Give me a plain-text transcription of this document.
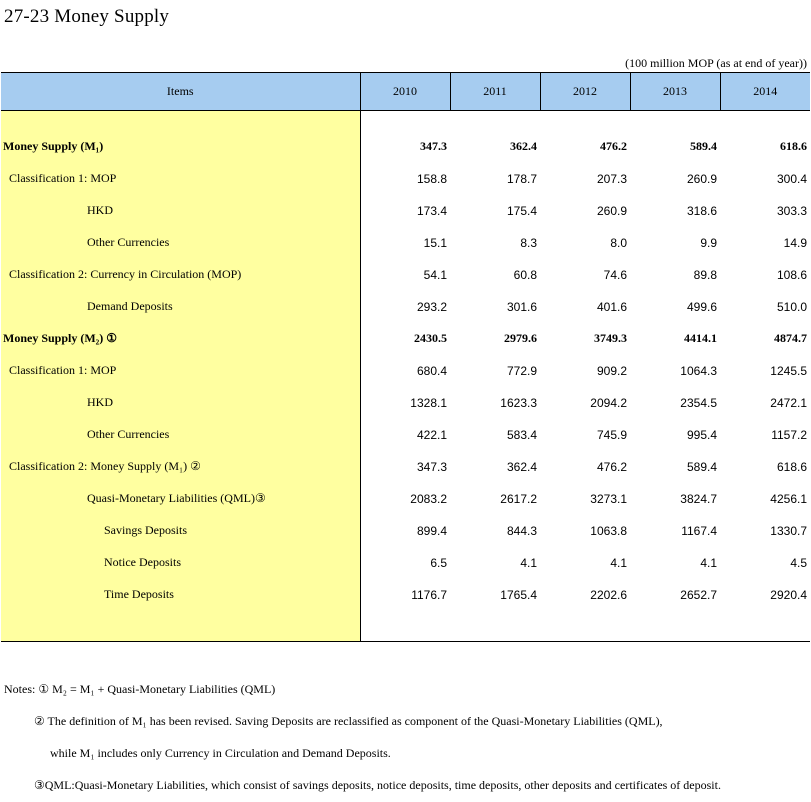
27-23 Money Supply
(100 million MOP (as at end of year))
Items	2010	2011	2012	2013	2014

Money Supply (M₁)	347.3	362.4	476.2	589.4	618.6
Classification 1: MOP	158.8	178.7	207.3	260.9	300.4
HKD	173.4	175.4	260.9	318.6	303.3
Other Currencies	15.1	8.3	8.0	9.9	14.9
Classification 2: Currency in Circulation (MOP)	54.1	60.8	74.6	89.8	108.6
Demand Deposits	293.2	301.6	401.6	499.6	510.0
Money Supply (M₂) ①	2430.5	2979.6	3749.3	4414.1	4874.7
Classification 1: MOP	680.4	772.9	909.2	1064.3	1245.5
HKD	1328.1	1623.3	2094.2	2354.5	2472.1
Other Currencies	422.1	583.4	745.9	995.4	1157.2
Classification 2: Money Supply (M₁) ②	347.3	362.4	476.2	589.4	618.6
Quasi-Monetary Liabilities (QML)③	2083.2	2617.2	3273.1	3824.7	4256.1
Savings Deposits	899.4	844.3	1063.8	1167.4	1330.7
Notice Deposits	6.5	4.1	4.1	4.1	4.5
Time Deposits	1176.7	1765.4	2202.6	2652.7	2920.4

Notes: ① M₂ = M₁ + Quasi-Monetary Liabilities (QML)
② The definition of M₁ has been revised. Saving Deposits are reclassified as component of the Quasi-Monetary Liabilities (QML),
while M₁ includes only Currency in Circulation and Demand Deposits.
③QML:Quasi-Monetary Liabilities, which consist of savings deposits, notice deposits, time deposits, other deposits and certificates of deposit.
